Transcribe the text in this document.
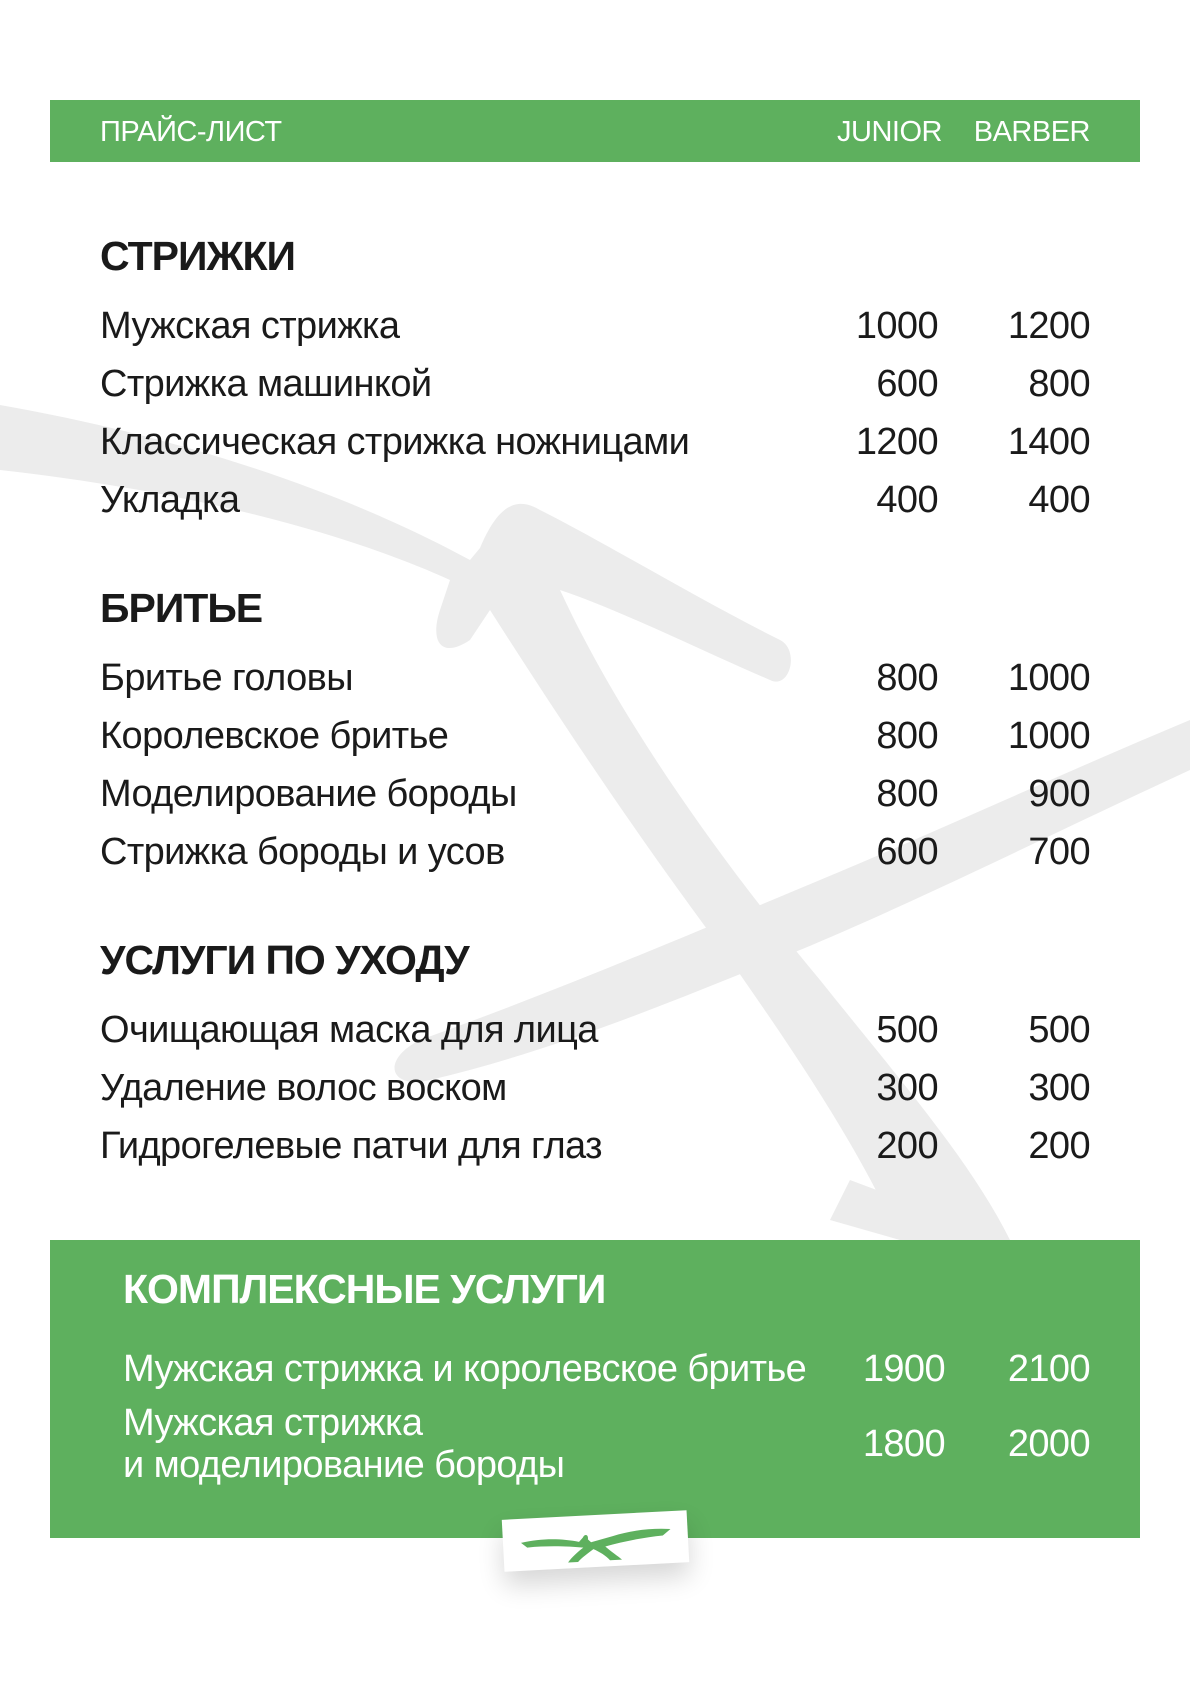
ПРАЙС-ЛИСТ	JUNIOR BARBER
СТРИЖКИ
Мужская стрижка	1000 1200
Стрижка машинкой	600 800
Классическая стрижка ножницами	1200 1400
Укладка	400 400
БРИТЬЕ
Бритье головы	800 1000
Королевское бритье	800 1000
Моделирование бороды	800 900
Стрижка бороды и усов	600 700
УСЛУГИ ПО УХОДУ
Очищающая маска для лица	500 500
Удаление волос воском	300 300
Гидрогелевые патчи для глаз	200 200
КОМПЛЕКСНЫЕ УСЛУГИ
Мужская стрижка и королевское бритье 1900 2100
Мужская стрижка
и моделирование бороды	1800 2000
